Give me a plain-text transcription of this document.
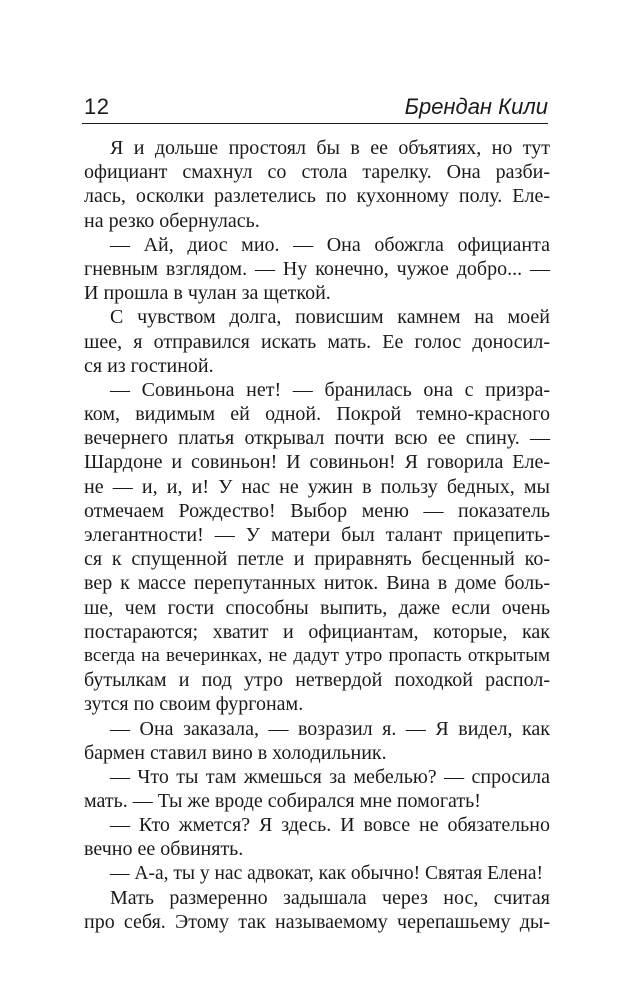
12	Брендан Кили
Я и дольше простоял бы в ее объятиях, но тут
официант смахнул со стола тарелку. Она разби-
лась, осколки разлетелись по кухонному полу. Еле-
на резко обернулась.
— Ай, диос мио. — Она обожгла официанта
гневным взглядом. — Ну конечно, чужое добро... —
И прошла в чулан за щеткой.
С чувством долга, повисшим камнем на моей
шее, я отправился искать мать. Ее голос доносил-
ся из гостиной.
— Совиньона нет! — бранилась она с призра-
ком, видимым ей одной. Покрой темно-красного
вечернего платья открывал почти всю ее спину. —
Шардоне и совиньон! И совиньон! Я говорила Еле-
не — и, и, и! У нас не ужин в пользу бедных, мы
отмечаем Рождество! Выбор меню — показатель
элегантности! — У матери был талант прицепить-
ся к спущенной петле и приравнять бесценный ко-
вер к массе перепутанных ниток. Вина в доме боль-
ше, чем гости способны выпить, даже если очень
постараются; хватит и официантам, которые, как
всегда на вечеринках, не дадут утро пропасть открытым
бутылкам и под утро нетвердой походкой распол-
зутся по своим фургонам.
— Она заказала, — возразил я. — Я видел, как
бармен ставил вино в холодильник.
— Что ты там жмешься за мебелью? — спросила
мать. — Ты же вроде собирался мне помогать!
— Кто жмется? Я здесь. И вовсе не обязательно
вечно ее обвинять.
— А-а, ты у нас адвокат, как обычно! Святая Елена!
Мать размеренно задышала через нос, считая
про себя. Этому так называемому черепашьему ды-
